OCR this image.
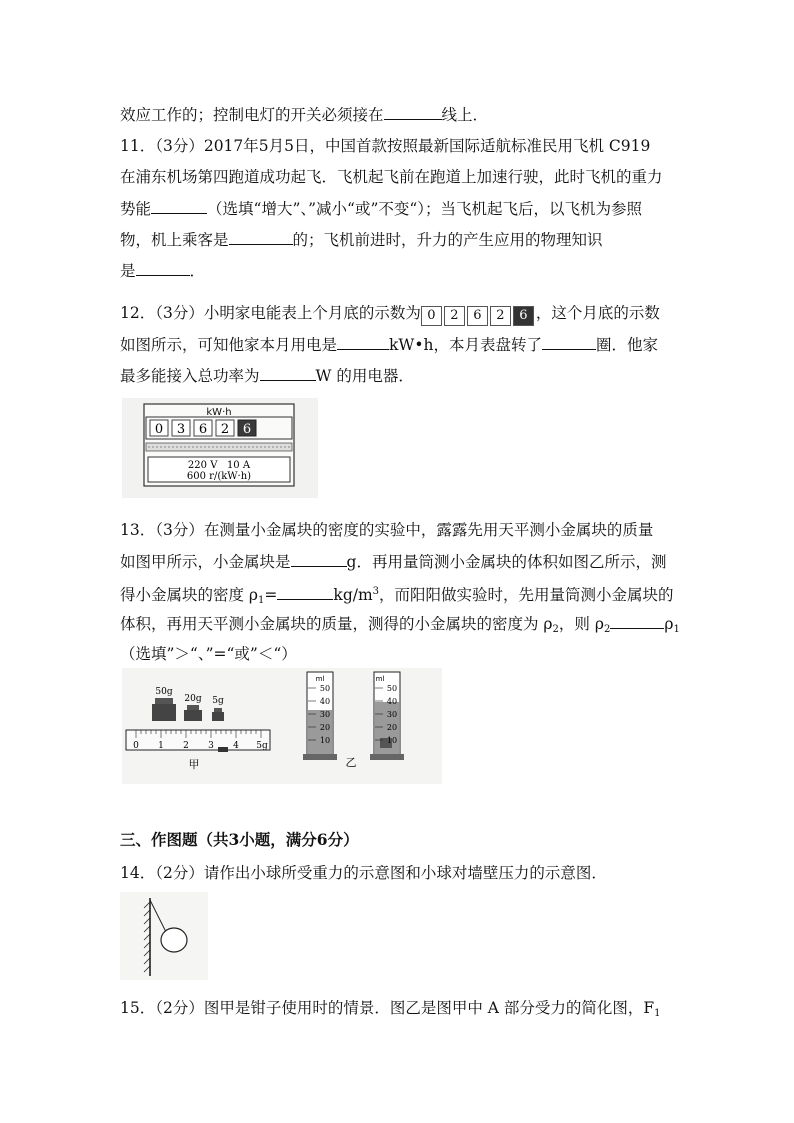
效应工作的；控制电灯的开关必须接在	线上．
11．（3分）2017年5月5日，中国首款按照最新国际适航标准民用飞机 C919
在浦东机场第四跑道成功起飞．飞机起飞前在跑道上加速行驶，此时飞机的重力
势能	（选填“增大”、”减小“或”不变“）；当飞机起飞后，以飞机为参照
物，机上乘客是	的；飞机前进时，升力的产生应用的物理知识
是	．
12．（3分）小明家电能表上个月底的示数为 0 2 6 2 6 ，这个月底的示数
如图所示，可知他家本月用电是	kW•h，本月表盘转了	圈．他家
最多能接入总功率为	W 的用电器．
kW·h
0 3 6 2 6
220 V   10 A
600 r/(kW·h)
13．（3分）在测量小金属块的密度的实验中，露露先用天平测小金属块的质量
如图甲所示，小金属块是	g．再用量筒测小金属块的体积如图乙所示，测
得小金属块的密度 $\rho_1=$	$kg/m^3$，而阳阳做实验时，先用量筒测小金属块的
体积，再用天平测小金属块的质量，测得的小金属块的密度为 $\rho_2$，则 $\rho_2$	$\rho_1$
（选填”＞“、”=“或”＜“）
50g
20g 5g
0 1 2 3 4 5g
甲
ml
50
40
30
20
10
ml
50
40
30
20
10
乙
三、作图题（共3小题，满分6分）
14．（2分）请作出小球所受重力的示意图和小球对墙壁压力的示意图．
15．（2分）图甲是钳子使用时的情景．图乙是图甲中 A 部分受力的简化图，$F_1$
